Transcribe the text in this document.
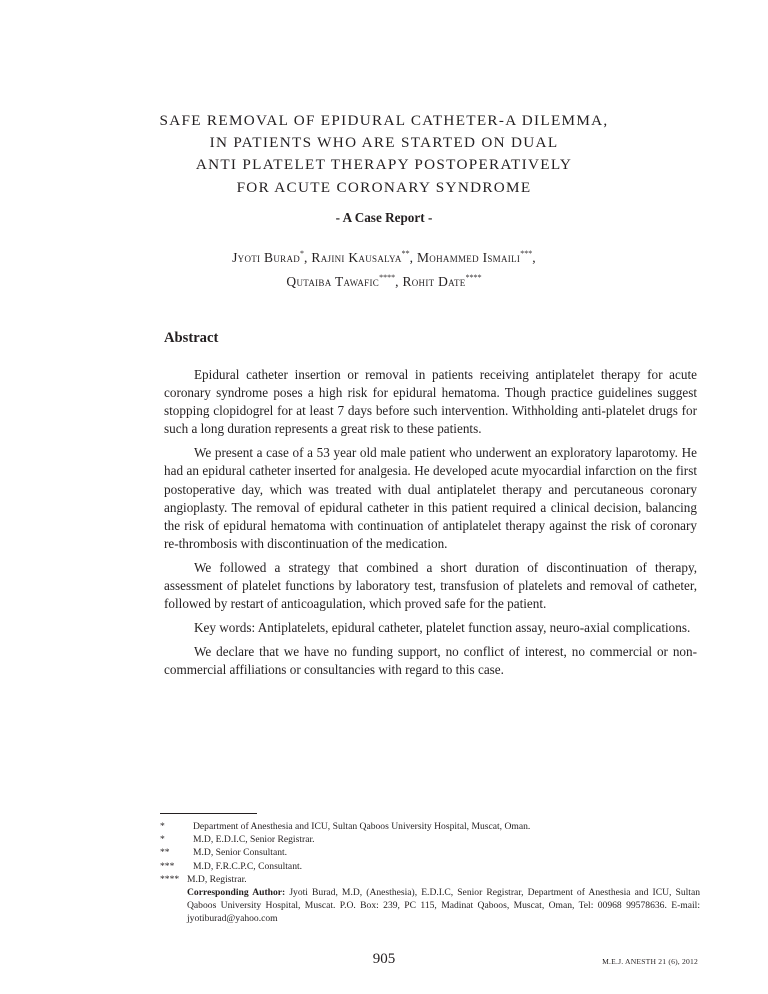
SAFE REMOVAL OF EPIDURAL CATHETER-A DILEMMA,
IN PATIENTS WHO ARE STARTED ON DUAL
ANTI PLATELET THERAPY POSTOPERATIVELY
FOR ACUTE CORONARY SYNDROME
- A Case Report -
Jyoti Burad*, Rajini Kausalya**, Mohammed Ismaili***,
Qutaiba Tawafic****, Rohit Date****
Abstract

Epidural catheter insertion or removal in patients receiving antiplatelet therapy for acute coronary syndrome poses a high risk for epidural hematoma. Though practice guidelines suggest stopping clopidogrel for at least 7 days before such intervention. Withholding anti-platelet drugs for such a long duration represents a great risk to these patients.

We present a case of a 53 year old male patient who underwent an exploratory laparotomy. He had an epidural catheter inserted for analgesia. He developed acute myocardial infarction on the first postoperative day, which was treated with dual antiplatelet therapy and percutaneous coronary angioplasty. The removal of epidural catheter in this patient required a clinical decision, balancing the risk of epidural hematoma with continuation of antiplatelet therapy against the risk of coronary re-thrombosis with discontinuation of the medication.

We followed a strategy that combined a short duration of discontinuation of therapy, assessment of platelet functions by laboratory test, transfusion of platelets and removal of catheter, followed by restart of anticoagulation, which proved safe for the patient.

Key words: Antiplatelets, epidural catheter, platelet function assay, neuro-axial complications.

We declare that we have no funding support, no conflict of interest, no commercial or non-commercial affiliations or consultancies with regard to this case.

*	Department of Anesthesia and ICU, Sultan Qaboos University Hospital, Muscat, Oman.
*	M.D, E.D.I.C, Senior Registrar.
**	M.D, Senior Consultant.
***	M.D, F.R.C.P.C, Consultant.
**** M.D, Registrar.
Corresponding Author: Jyoti Burad, M.D, (Anesthesia), E.D.I.C, Senior Registrar, Department of Anesthesia and ICU, Sultan Qaboos University Hospital, Muscat. P.O. Box: 239, PC 115, Madinat Qaboos, Muscat, Oman, Tel: 00968 99578636. E-mail: jyotiburad@yahoo.com
905	M.E.J. ANESTH 21 (6), 2012
